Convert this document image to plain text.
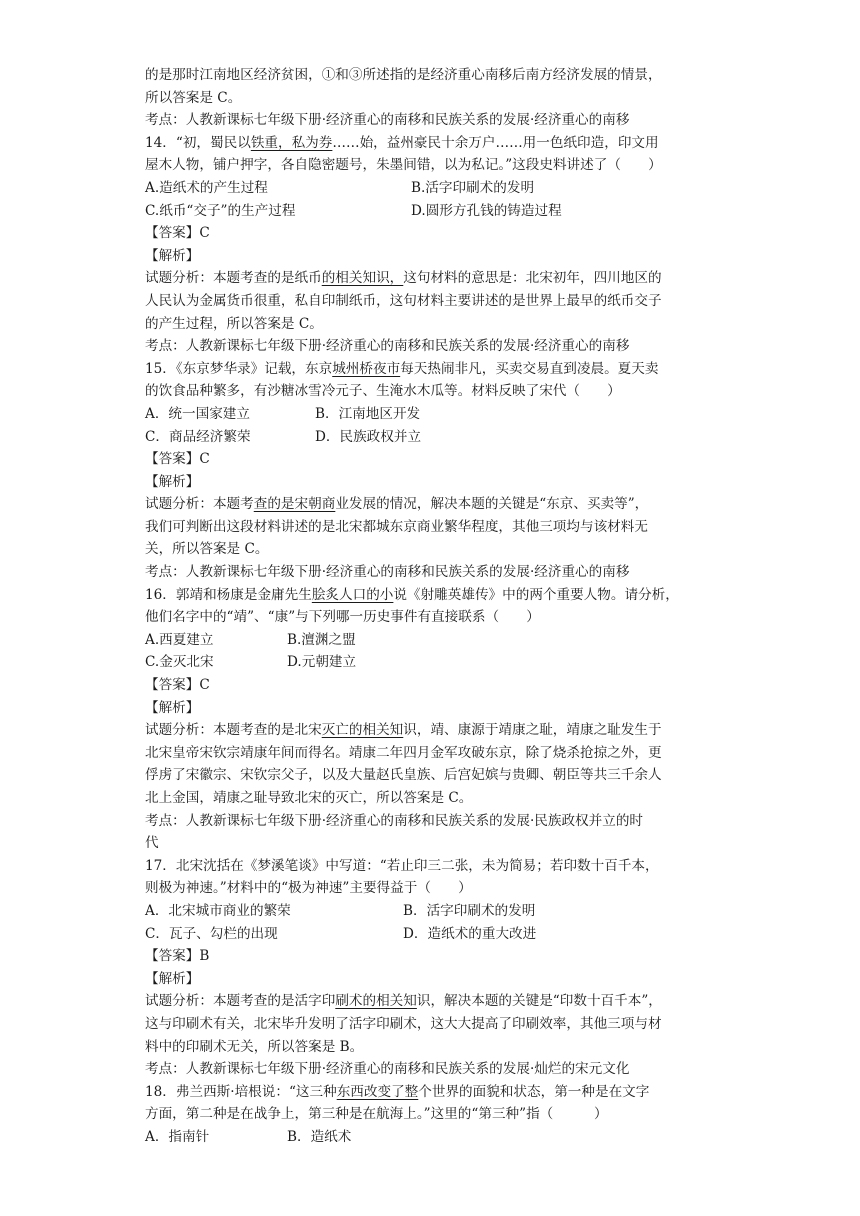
的是那时江南地区经济贫困，①和③所述指的是经济重心南移后南方经济发展的情景，
所以答案是 C。
考点：人教新课标七年级下册·经济重心的南移和民族关系的发展·经济重心的南移
14．“初，蜀民以铁重，私为券……始，益州豪民十余万户……用一色纸印造，印文用
屋木人物，铺户押字，各自隐密题号，朱墨间错，以为私记。”这段史料讲述了（　　）
A.造纸术的产生过程	B.活字印刷术的发明
C.纸币“交子”的生产过程	D.圆形方孔钱的铸造过程
【答案】C
【解析】
试题分析：本题考查的是纸币的相关知识，这句材料的意思是：北宋初年，四川地区的
人民认为金属货币很重，私自印制纸币，这句材料主要讲述的是世界上最早的纸币交子
的产生过程，所以答案是 C。
考点：人教新课标七年级下册·经济重心的南移和民族关系的发展·经济重心的南移
15．《东京梦华录》记载，东京城州桥夜市每天热闹非凡，买卖交易直到凌晨。夏天卖
的饮食品种繁多，有沙糖冰雪冷元子、生淹水木瓜等。材料反映了宋代（　　）
A．统一国家建立	B．江南地区开发
C．商品经济繁荣	D．民族政权并立
【答案】C
【解析】
试题分析：本题考查的是宋朝商业发展的情况，解决本题的关键是“东京、买卖等”，
我们可判断出这段材料讲述的是北宋都城东京商业繁华程度，其他三项均与该材料无
关，所以答案是 C。
考点：人教新课标七年级下册·经济重心的南移和民族关系的发展·经济重心的南移
16．郭靖和杨康是金庸先生脍炙人口的小说《射雕英雄传》中的两个重要人物。请分析，
他们名字中的“靖”、“康”与下列哪一历史事件有直接联系（　　）
A.西夏建立	B.澶渊之盟
C.金灭北宋	D.元朝建立
【答案】C
【解析】
试题分析：本题考查的是北宋灭亡的相关知识，靖、康源于靖康之耻，靖康之耻发生于
北宋皇帝宋钦宗靖康年间而得名。靖康二年四月金军攻破东京，除了烧杀抢掠之外，更
俘虏了宋徽宗、宋钦宗父子，以及大量赵氏皇族、后宫妃嫔与贵卿、朝臣等共三千余人
北上金国，靖康之耻导致北宋的灭亡，所以答案是 C。
考点：人教新课标七年级下册·经济重心的南移和民族关系的发展·民族政权并立的时
代
17．北宋沈括在《梦溪笔谈》中写道：“若止印三二张，未为简易；若印数十百千本，
则极为神速。”材料中的“极为神速”主要得益于（　　）
A．北宋城市商业的繁荣	B．活字印刷术的发明
C．瓦子、勾栏的出现	D．造纸术的重大改进
【答案】B
【解析】
试题分析：本题考查的是活字印刷术的相关知识，解决本题的关键是“印数十百千本”，
这与印刷术有关，北宋毕升发明了活字印刷术，这大大提高了印刷效率，其他三项与材
料中的印刷术无关，所以答案是 B。
考点：人教新课标七年级下册·经济重心的南移和民族关系的发展·灿烂的宋元文化
18．弗兰西斯·培根说：“这三种东西改变了整个世界的面貌和状态，第一种是在文字
方面，第二种是在战争上，第三种是在航海上。”这里的“第三种”指（　　　）
A．指南针	B．造纸术
